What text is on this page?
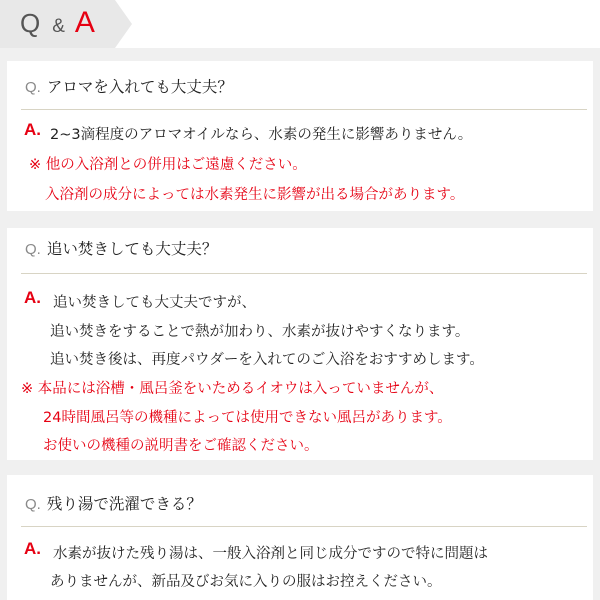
Q & A
Q. アロマを入れても大丈夫？
A. 2~3滴程度のアロマオイルなら、水素の発生に影響ありません。
※ 他の入浴剤との併用はご遠慮ください。
入浴剤の成分によっては水素発生に影響が出る場合があります。
Q. 追い焚きしても大丈夫？
A. 追い焚きしても大丈夫ですが、
追い焚きをすることで熱が加わり、水素が抜けやすくなります。
追い焚き後は、再度パウダーを入れてのご入浴をおすすめします。
※ 本品には浴槽・風呂釜をいためるイオウは入っていませんが、
24時間風呂等の機種によっては使用できない風呂があります。
お使いの機種の説明書をご確認ください。
Q. 残り湯で洗濯できる？
A. 水素が抜けた残り湯は、一般入浴剤と同じ成分ですので特に問題は
ありませんが、新品及びお気に入りの服はお控えください。
